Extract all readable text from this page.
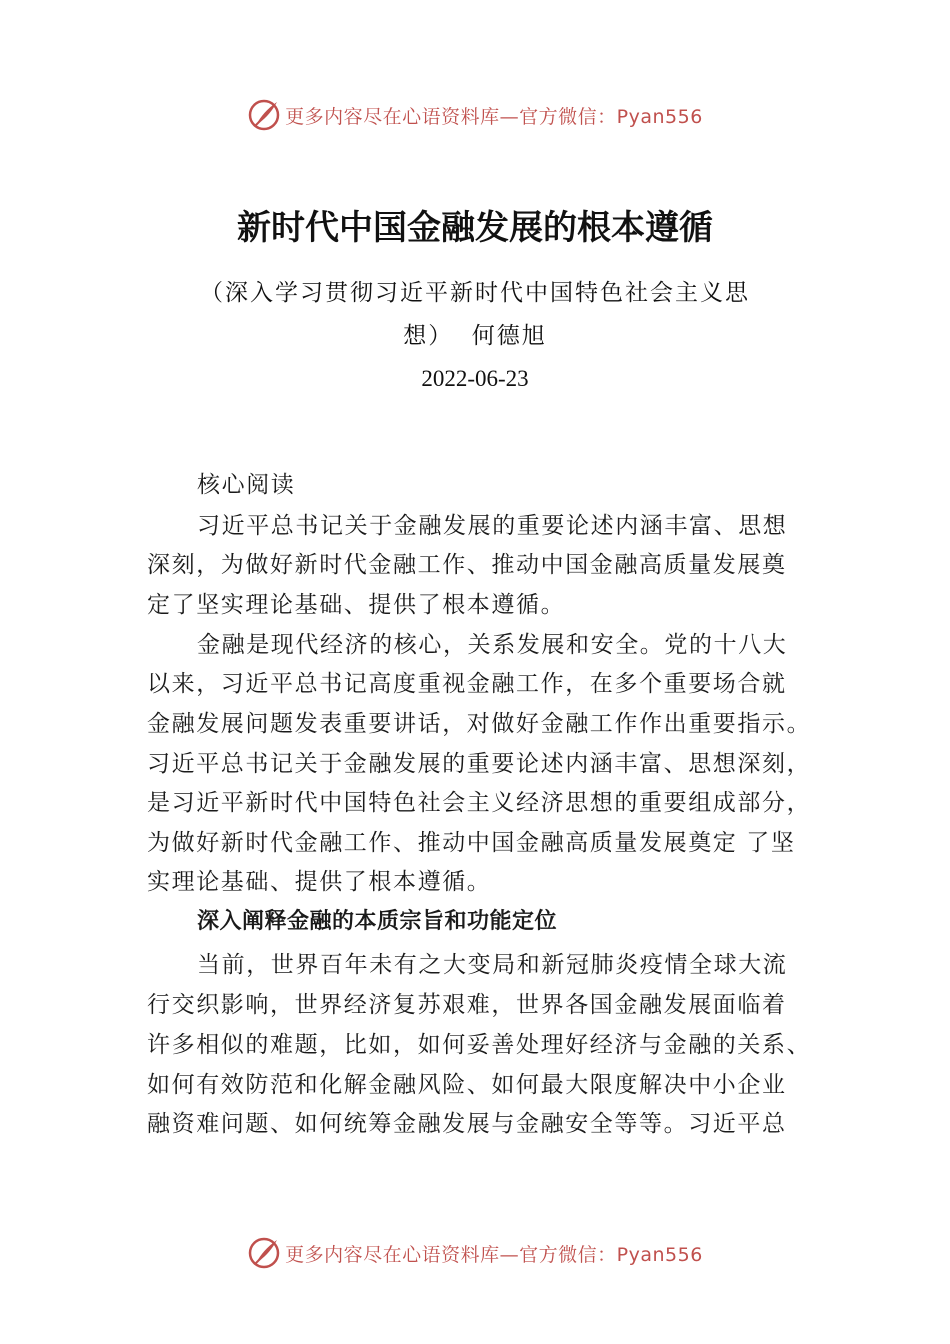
更多内容尽在心语资料库—官方微信：Pyan556
新时代中国金融发展的根本遵循
（深入学习贯彻习近平新时代中国特色社会主义思
想）  何德旭
2022-06-23
核心阅读
习近平总书记关于金融发展的重要论述内涵丰富、思想
深刻，为做好新时代金融工作、推动中国金融高质量发展奠
定了坚实理论基础、提供了根本遵循。
金融是现代经济的核心，关系发展和安全。党的十八大
以来，习近平总书记高度重视金融工作，在多个重要场合就
金融发展问题发表重要讲话，对做好金融工作作出重要指示。
习近平总书记关于金融发展的重要论述内涵丰富、思想深刻，
是习近平新时代中国特色社会主义经济思想的重要组成部分，
为做好新时代金融工作、推动中国金融高质量发展奠定 了坚
实理论基础、提供了根本遵循。
深入阐释金融的本质宗旨和功能定位
当前，世界百年未有之大变局和新冠肺炎疫情全球大流
行交织影响，世界经济复苏艰难，世界各国金融发展面临着
许多相似的难题，比如，如何妥善处理好经济与金融的关系、
如何有效防范和化解金融风险、如何最大限度解决中小企业
融资难问题、如何统筹金融发展与金融安全等等。习近平总
更多内容尽在心语资料库—官方微信：Pyan556
